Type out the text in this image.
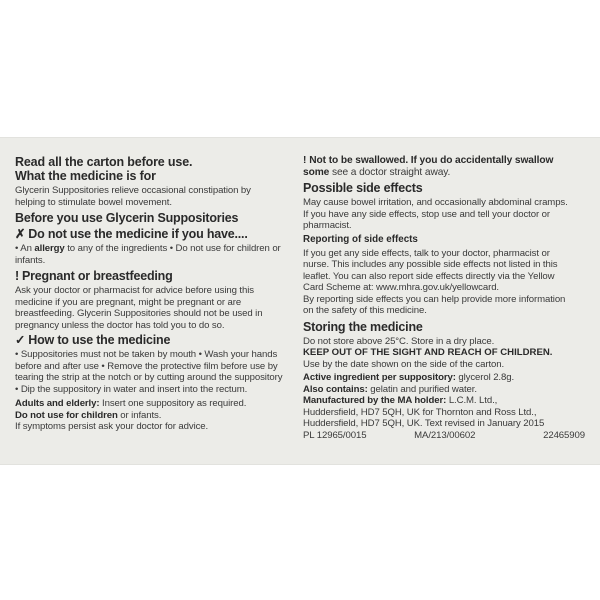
Read all the carton before use.

What the medicine is for

Glycerin Suppositories relieve occasional constipation by
helping to stimulate bowel movement.

Before you use Glycerin Suppositories

✗ Do not use the medicine if you have....

• An allergy to any of the ingredients • Do not use for children or
infants.

! Pregnant or breastfeeding

Ask your doctor or pharmacist for advice before using this
medicine if you are pregnant, might be pregnant or are
breastfeeding. Glycerin Suppositories should not be used in
pregnancy unless the doctor has told you to do so.

✓ How to use the medicine

• Suppositories must not be taken by mouth • Wash your hands
before and after use • Remove the protective film before use by
tearing the strip at the notch or by cutting around the suppository
• Dip the suppository in water and insert into the rectum.

Adults and elderly: Insert one suppository as required.
Do not use for children or infants.
If symptoms persist ask your doctor for advice.

! Not to be swallowed. If you do accidentally swallow
some see a doctor straight away.

Possible side effects

May cause bowel irritation, and occasionally abdominal cramps.
If you have any side effects, stop use and tell your doctor or
pharmacist.

Reporting of side effects

If you get any side effects, talk to your doctor, pharmacist or
nurse. This includes any possible side effects not listed in this
leaflet. You can also report side effects directly via the Yellow
Card Scheme at: www.mhra.gov.uk/yellowcard.
By reporting side effects you can help provide more information
on the safety of this medicine.

Storing the medicine

Do not store above 25°C. Store in a dry place.

KEEP OUT OF THE SIGHT AND REACH OF CHILDREN.

Use by the date shown on the side of the carton.

Active ingredient per suppository: glycerol 2.8g.
Also contains: gelatin and purified water.
Manufactured by the MA holder: L.C.M. Ltd.,
Huddersfield, HD7 5QH, UK for Thornton and Ross Ltd.,
Huddersfield, HD7 5QH, UK. Text revised in January 2015

PL 12965/0015	MA/213/00602	22465909
